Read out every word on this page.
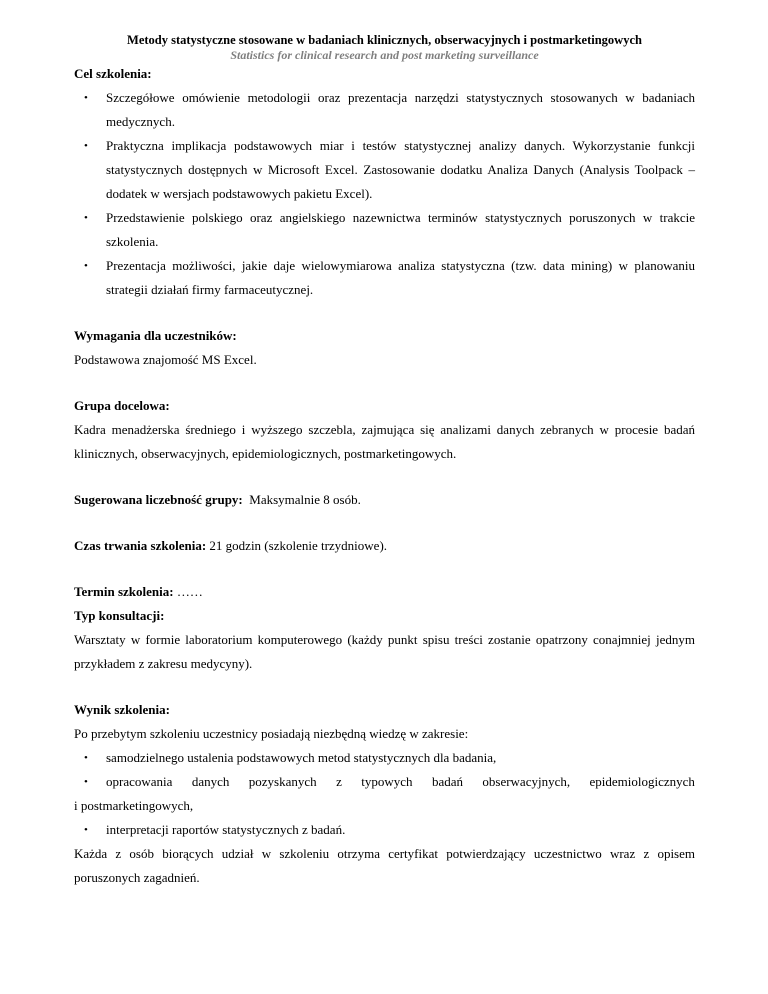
Metody statystyczne stosowane w badaniach klinicznych, obserwacyjnych i postmarketingowych

Statistics for clinical research and post marketing surveillance

Cel szkolenia:

• Szczegółowe omówienie metodologii oraz prezentacja narzędzi statystycznych stosowanych w badaniach medycznych.
• Praktyczna implikacja podstawowych miar i testów statystycznej analizy danych. Wykorzystanie funkcji statystycznych dostępnych w Microsoft Excel. Zastosowanie dodatku Analiza Danych (Analysis Toolpack – dodatek w wersjach podstawowych pakietu Excel).
• Przedstawienie polskiego oraz angielskiego nazewnictwa terminów statystycznych poruszonych w trakcie szkolenia.
• Prezentacja możliwości, jakie daje wielowymiarowa analiza statystyczna (tzw. data mining) w planowaniu strategii działań firmy farmaceutycznej.

Wymagania dla uczestników:

Podstawowa znajomość MS Excel.

Grupa docelowa:

Kadra menadżerska średniego i wyższego szczebla, zajmująca się analizami danych zebranych w procesie badań klinicznych, obserwacyjnych, epidemiologicznych, postmarketingowych.

Sugerowana liczebność grupy: Maksymalnie 8 osób.

Czas trwania szkolenia: 21 godzin (szkolenie trzydniowe).

Termin szkolenia: ……

Typ konsultacji:

Warsztaty w formie laboratorium komputerowego (każdy punkt spisu treści zostanie opatrzony conajmniej jednym przykładem z zakresu medycyny).

Wynik szkolenia:

Po przebytym szkoleniu uczestnicy posiadają niezbędną wiedzę w zakresie:

• samodzielnego ustalenia podstawowych metod statystycznych dla badania,
• opracowania danych pozyskanych z typowych badań obserwacyjnych, epidemiologicznych

i postmarketingowych,

• interpretacji raportów statystycznych z badań.

Każda z osób biorących udział w szkoleniu otrzyma certyfikat potwierdzający uczestnictwo wraz z opisem poruszonych zagadnień.
